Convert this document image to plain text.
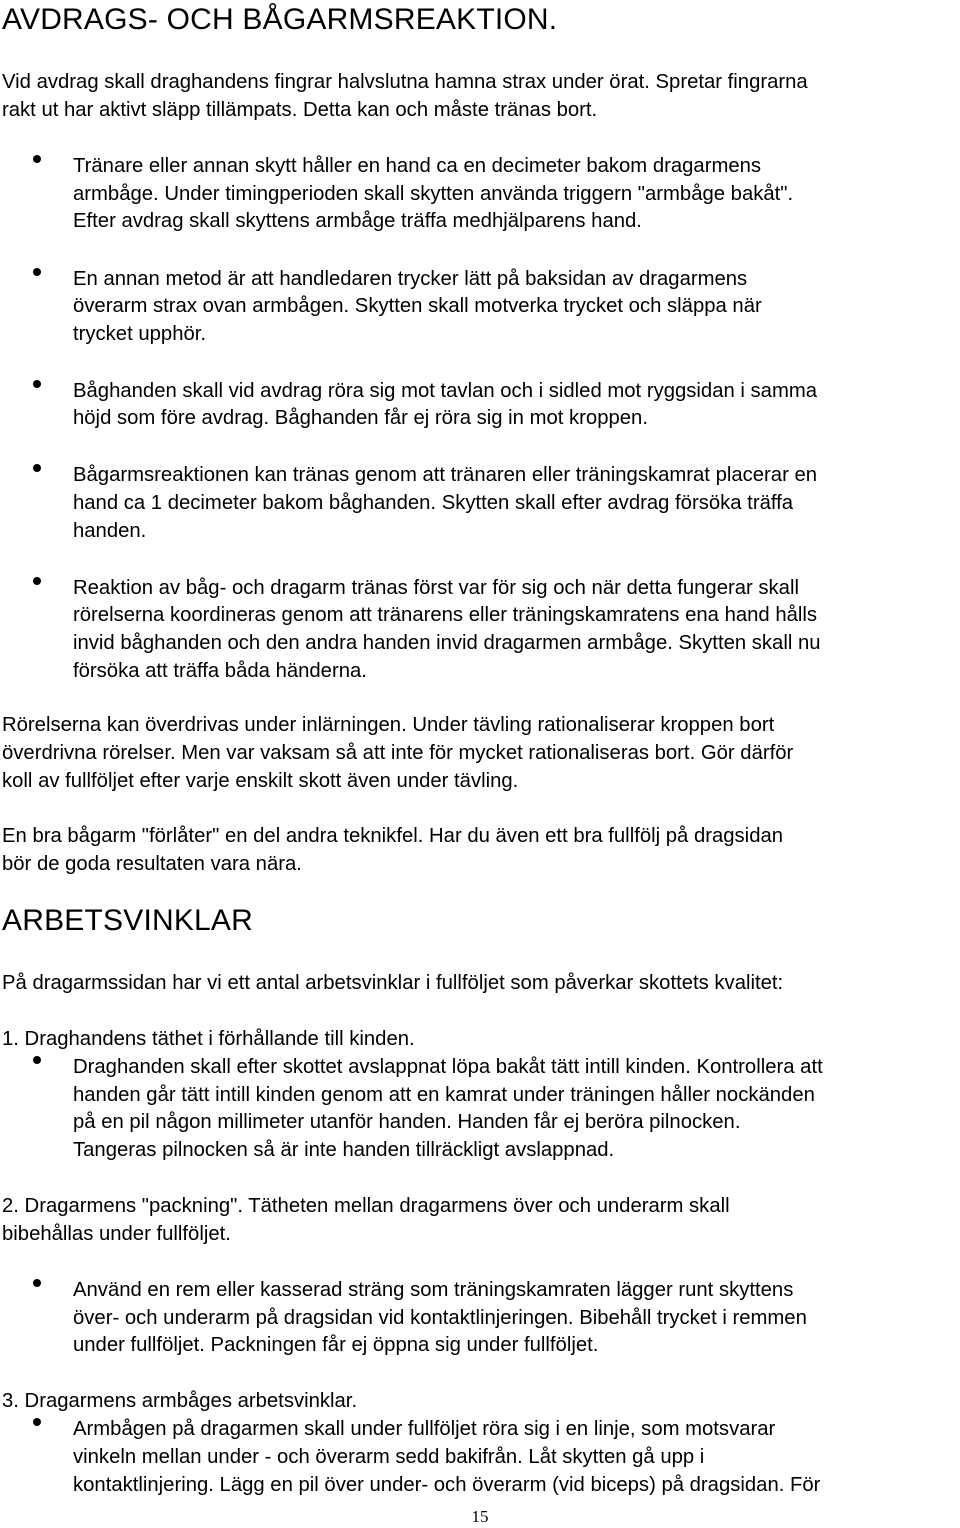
AVDRAGS- OCH BÅGARMSREAKTION.
Vid avdrag skall draghandens fingrar halvslutna hamna strax under örat. Spretar fingrarna
rakt ut har aktivt släpp tillämpats. Detta kan och måste tränas bort.
Tränare eller annan skytt håller en hand ca en decimeter bakom dragarmens
armbåge. Under timingperioden skall skytten använda triggern "armbåge bakåt".
Efter avdrag skall skyttens armbåge träffa medhjälparens hand.
En annan metod är att handledaren trycker lätt på baksidan av dragarmens
överarm strax ovan armbågen. Skytten skall motverka trycket och släppa när
trycket upphör.
Båghanden skall vid avdrag röra sig mot tavlan och i sidled mot ryggsidan i samma
höjd som före avdrag. Båghanden får ej röra sig in mot kroppen.
Bågarmsreaktionen kan tränas genom att tränaren eller träningskamrat placerar en
hand ca 1 decimeter bakom båghanden. Skytten skall efter avdrag försöka träffa
handen.
Reaktion av båg- och dragarm tränas först var för sig och när detta fungerar skall
rörelserna koordineras genom att tränarens eller träningskamratens ena hand hålls
invid båghanden och den andra handen invid dragarmen armbåge. Skytten skall nu
försöka att träffa båda händerna.
Rörelserna kan överdrivas under inlärningen. Under tävling rationaliserar kroppen bort
överdrivna rörelser. Men var vaksam så att inte för mycket rationaliseras bort. Gör därför
koll av fullföljet efter varje enskilt skott även under tävling.
En bra bågarm "förlåter" en del andra teknikfel. Har du även ett bra fullfölj på dragsidan
bör de goda resultaten vara nära.
ARBETSVINKLAR
På dragarmssidan har vi ett antal arbetsvinklar i fullföljet som påverkar skottets kvalitet:
1. Draghandens täthet i förhållande till kinden.
Draghanden skall efter skottet avslappnat löpa bakåt tätt intill kinden. Kontrollera att
handen går tätt intill kinden genom att en kamrat under träningen håller nockänden
på en pil någon millimeter utanför handen. Handen får ej beröra pilnocken.
Tangeras pilnocken så är inte handen tillräckligt avslappnad.
2. Dragarmens "packning". Tätheten mellan dragarmens över och underarm skall
bibehållas under fullföljet.
Använd en rem eller kasserad sträng som träningskamraten lägger runt skyttens
över- och underarm på dragsidan vid kontaktlinjeringen. Bibehåll trycket i remmen
under fullföljet. Packningen får ej öppna sig under fullföljet.
3. Dragarmens armbåges arbetsvinklar.
Armbågen på dragarmen skall under fullföljet röra sig i en linje, som motsvarar
vinkeln mellan under - och överarm sedd bakifrån. Låt skytten gå upp i
kontaktlinjering. Lägg en pil över under- och överarm (vid biceps) på dragsidan. För
15
